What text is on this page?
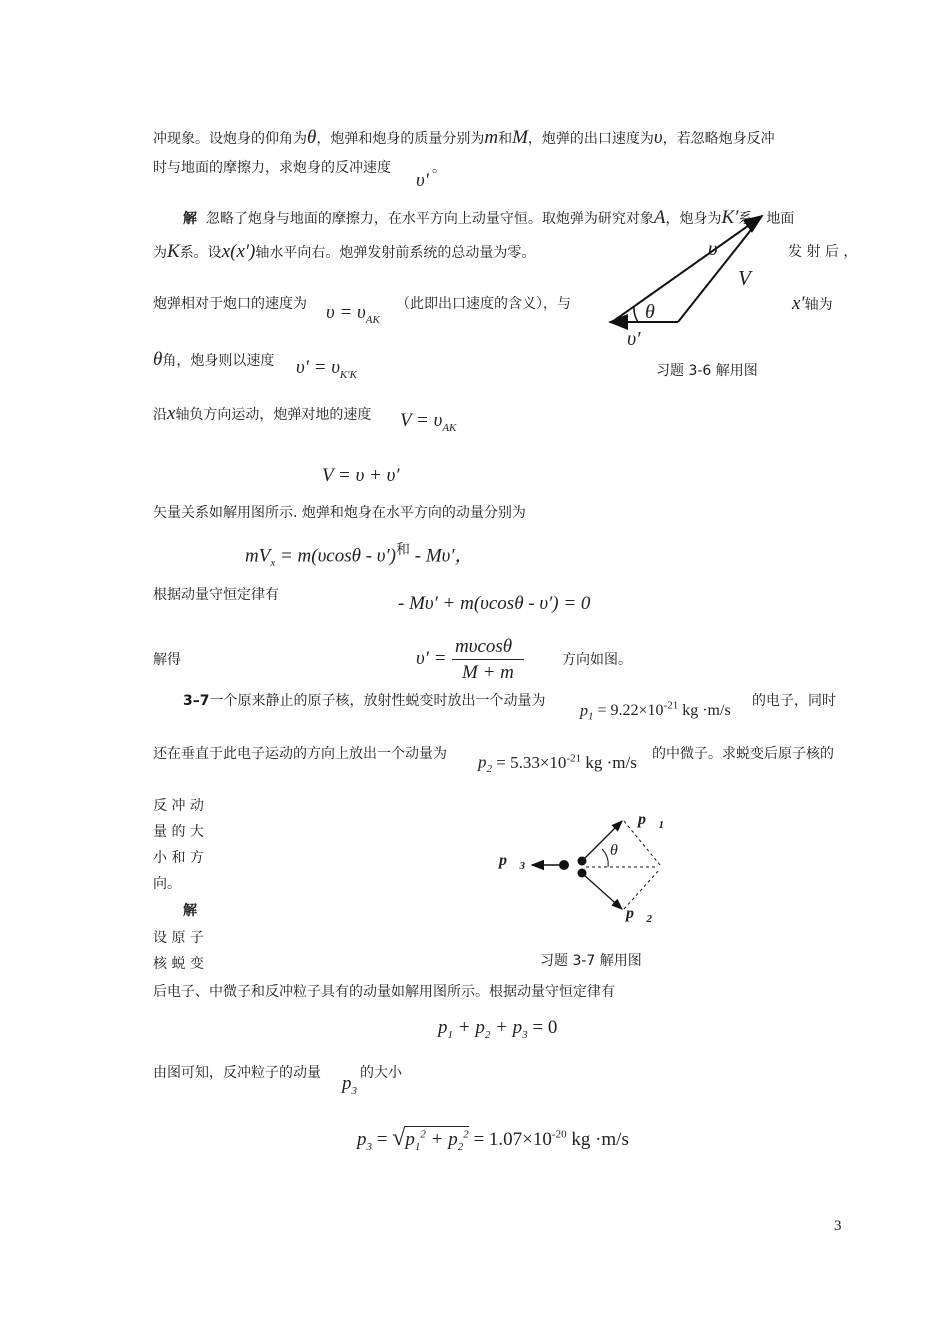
冲现象。设炮身的仰角为θ，炮弹和炮身的质量分别为m和M，炮弹的出口速度为υ，若忽略炮身反冲
时与地面的摩擦力，求炮身的反冲速度
υ′
。
解  忽略了炮身与地面的摩擦力，在水平方向上动量守恒。取炮弹为研究对象A，炮身为K′系，地面
为K系。设x(x′)轴水平向右。炮弹发射前系统的总动量为零。	发 射 后 ，
炮弹相对于炮口的速度为 $\upsilon = \upsilon_{AK}$
（此即出口速度的含义），与	x′轴为
θ角，炮身则以速度 $\upsilon' = \upsilon_{K'K}$
沿x轴负方向运动，炮弹对地的速度 $V = \upsilon_{AK}$
V = υ + υ′
矢量关系如解用图所示. 炮弹和炮身在水平方向的动量分别为
$mV_x = m(\upsilon\cos\theta - \upsilon')^和 - M\upsilon'$，
根据动量守恒定律有	- Mυ′ + m(υcosθ - υ′) = 0
解得	υ′ =
mυcosθ
M + m
方向如图。
υ
V
θ
υ′
习题 3-6 解用图
3–7一个原来静止的原子核，放射性蜕变时放出一个动量为
$p_1 = 9.22\times 10^{-21}$ kg ·m/s
的电子，同时
还在垂直于此电子运动的方向上放出一个动量为 $p_2 = 5.33\times 10^{-21}$ kg ·m/s 的中微子。求蜕变后原子核的
反 冲 动
量 的 大
小 和 方
向。
解
设 原 子
核 蜕 变
$p⃗_3$
$p⃗_1$
$p⃗_2$
θ
习题 3-7 解用图
后电子、中微子和反冲粒子具有的动量如解用图所示。根据动量守恒定律有
$p_1 + p_2 + p_3 = 0$
由图可知，反冲粒子的动量 $p_3$
的大小
$p_3 = √p_1^2 + p_2^2 = 1.07\times 10^{-20}$ kg ·m/s
3
